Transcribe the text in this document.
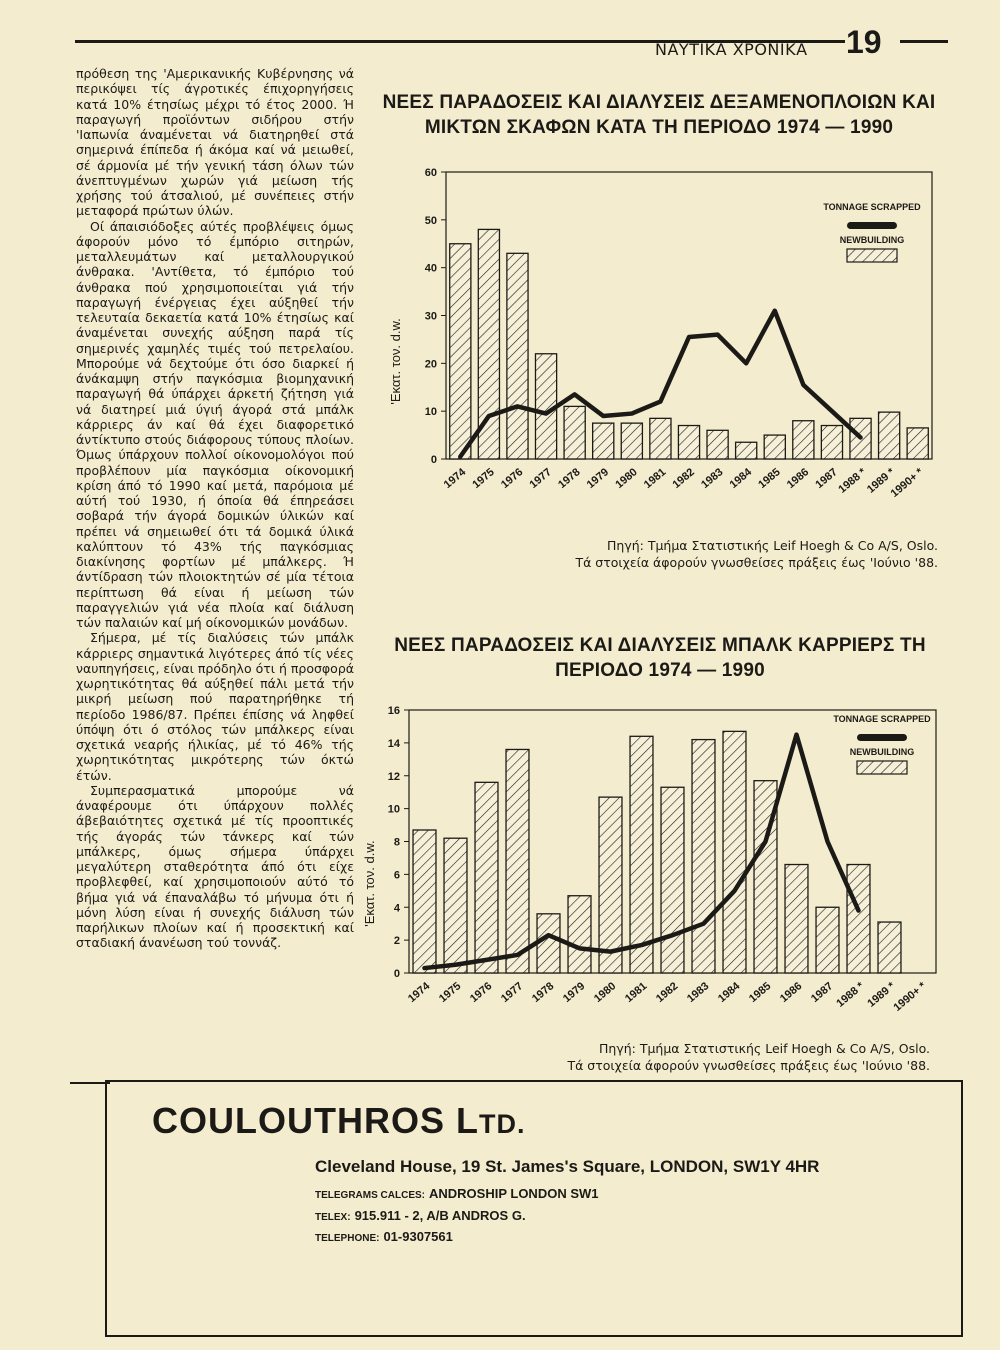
ΝΑΥΤΙΚΑ ΧΡΟΝΙΚΑ 19

πρόθεση της 'Αμερικανικής Κυβέρνησης νά περικόψει τίς άγροτικές έπιχορηγήσεις κατά 10% έτησίως μέχρι τό έτος 2000. Ή παραγωγή προϊόντων σιδήρου στήν 'Ιαπωνία άναμένεται νά διατηρηθεί στά σημερινά έπίπεδα ή άκόμα καί νά μειωθεί, σέ άρμονία μέ τήν γενική τάση όλων τών άνεπτυγμένων χωρών γιά μείωση τής χρήσης τού άτσαλιού, μέ συνέπειες στήν μεταφορά πρώτων ύλών.

Οί άπαισιόδοξες αύτές προβλέψεις όμως άφορούν μόνο τό έμπόριο σιτηρών, μεταλλευμάτων καί μεταλλουργικού άνθρακα. 'Αντίθετα, τό έμπόριο τού άνθρακα πού χρησιμοποιείται γιά τήν παραγωγή ένέργειας έχει αύξηθεί τήν τελευταία δεκαετία κατά 10% έτησίως καί άναμένεται συνεχής αύξηση παρά τίς σημερινές χαμηλές τιμές τού πετρελαίου. Μπορούμε νά δεχτούμε ότι όσο διαρκεί ή άνάκαμψη στήν παγκόσμια βιομηχανική παραγωγή θά ύπάρχει άρκετή ζήτηση γιά νά διατηρεί μιά ύγιή άγορά στά μπάλκ κάρριερς άν καί θά έχει διαφορετικό άντίκτυπο στούς διάφορους τύπους πλοίων. Όμως ύπάρχουν πολλοί οίκονομολόγοι πού προβλέπουν μία παγκόσμια οίκονομική κρίση άπό τό 1990 καί μετά, παρόμοια μέ αύτή τού 1930, ή όποία θά έπηρεάσει σοβαρά τήν άγορά δομικών ύλικών καί πρέπει νά σημειωθεί ότι τά δομικά ύλικά καλύπτουν τό 43% τής παγκόσμιας διακίνησης φορτίων μέ μπάλκερς. Ή άντίδραση τών πλοιοκτητών σέ μία τέτοια περίπτωση θά είναι ή μείωση τών παραγγελιών γιά νέα πλοία καί διάλυση τών παλαιών καί μή οίκονομικών μονάδων.

Σήμερα, μέ τίς διαλύσεις τών μπάλκ κάρριερς σημαντικά λιγότερες άπό τίς νέες ναυπηγήσεις, είναι πρόδηλο ότι ή προσφορά χωρητικότητας θά αύξηθεί πάλι μετά τήν μικρή μείωση πού παρατηρήθηκε τή περίοδο 1986/87. Πρέπει έπίσης νά ληφθεί ύπόψη ότι ό στόλος τών μπάλκερς είναι σχετικά νεαρής ήλικίας, μέ τό 46% τής χωρητικότητας μικρότερης τών όκτώ έτών.

Συμπερασματικά μπορούμε νά άναφέρουμε ότι ύπάρχουν πολλές άβεβαιότητες σχετικά μέ τίς προοπτικές τής άγοράς τών τάνκερς καί τών μπάλκερς, όμως σήμερα ύπάρχει μεγαλύτερη σταθερότητα άπό ότι είχε προβλεφθεί, καί χρησιμοποιούν αύτό τό βήμα γιά νά έπαναλάβω τό μήνυμα ότι ή μόνη λύση είναι ή συνεχής διάλυση τών παρήλικων πλοίων καί ή προσεκτική καί σταδιακή άνανέωση τού τοννάζ.

ΝΕΕΣ ΠΑΡΑΔΟΣΕΙΣ ΚΑΙ ΔΙΑΛΥΣΕΙΣ ΔΕΞΑΜΕΝΟΠΛΟΙΩΝ ΚΑΙ ΜΙΚΤΩΝ ΣΚΑΦΩΝ ΚΑΤΑ ΤΗ ΠΕΡΙΟΔΟ 1974 — 1990
0
10
20
30
40
50
60
'Εκατ. τον. d.w.
1974 1975 1976 1977 1978 1979 1980 1981 1982 1983 1984 1985 1986 1987
1988 *
1989 *
1990+ *
TONNAGE SCRAPPED
NEWBUILDING
Πηγή: Τμήμα Στατιστικής Leif Hoegh & Co A/S, Oslo.
Τά στοιχεία άφορούν γνωσθείσες πράξεις έως 'Ιούνιο '88.
ΝΕΕΣ ΠΑΡΑΔΟΣΕΙΣ ΚΑΙ ΔΙΑΛΥΣΕΙΣ ΜΠΑΛΚ ΚΑΡΡΙΕΡΣ ΤΗ ΠΕΡΙΟΔΟ 1974 — 1990
0
2
4
6
8
10
12
14
16
'Εκατ. τον. d.w.
1974 1975 1976 1977 1978 1979 1980 1981 1982 1983 1984 1985 1986 1987
1988 *
1989 *
1990+ *
TONNAGE SCRAPPED
NEWBUILDING
Πηγή: Τμήμα Στατιστικής Leif Hoegh & Co A/S, Oslo.
Τά στοιχεία άφορούν γνωσθείσες πράξεις έως 'Ιούνιο '88.
COULOUTHROS LTD.
Cleveland House, 19 St. James's Square, LONDON, SW1Y 4HR
TELEGRAMS CALCES: ANDROSHIP LONDON SW1
TELEX: 915.911 - 2, A/B ANDROS G.
TELEPHONE: 01-9307561
